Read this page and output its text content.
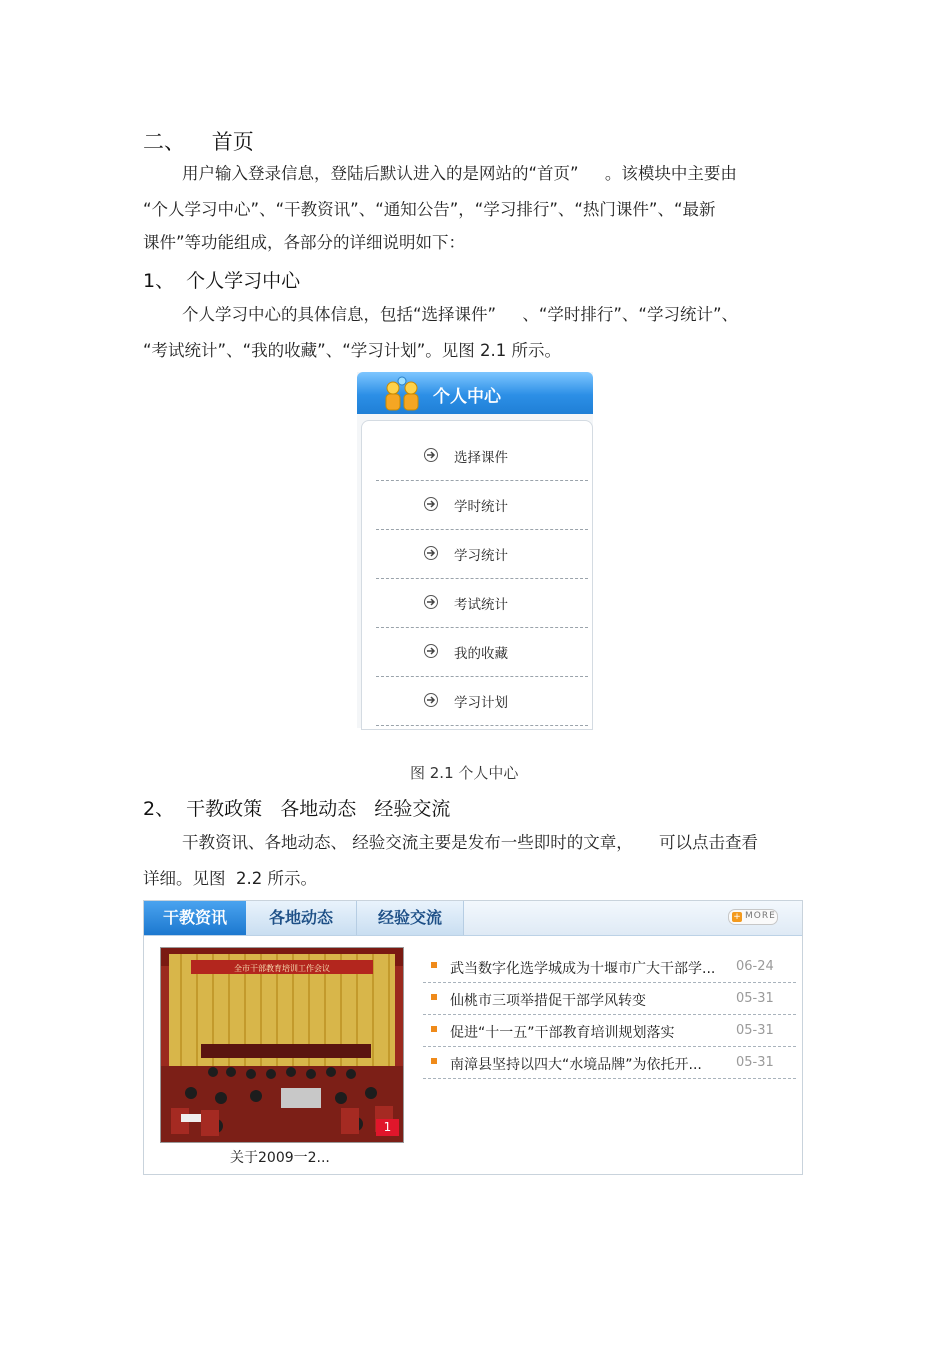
二、    首页
用户输入登录信息，登陆后默认进入的是网站的“首页”     。该模块中主要由
“个人学习中心”、“干教资讯”、“通知公告”，“学习排行”、“热门课件”、“最新
课件”等功能组成，各部分的详细说明如下：
1、  个人学习中心
个人学习中心的具体信息，包括“选择课件”     、“学时排行”、“学习统计”、
“考试统计”、“我的收藏”、“学习计划”。见图 2.1 所示。
个人中心
选择课件
学时统计
学习统计
考试统计
我的收藏
学习计划
图 2.1 个人中心
2、  干教政策   各地动态   经验交流
干教资讯、各地动态、 经验交流主要是发布一些即时的文章，     可以点击查看
详细。见图  2.2 所示。
干教资讯	各地动态	经验交流	+ MORE
全市干部教育培训工作会议
1
关于2009一2...
武当数字化选学城成为十堰市广大干部学... 06-24
仙桃市三项举措促干部学风转变	05-31
促进“十一五”干部教育培训规划落实	05-31
南漳县坚持以四大“水境品牌”为依托开...	05-31
